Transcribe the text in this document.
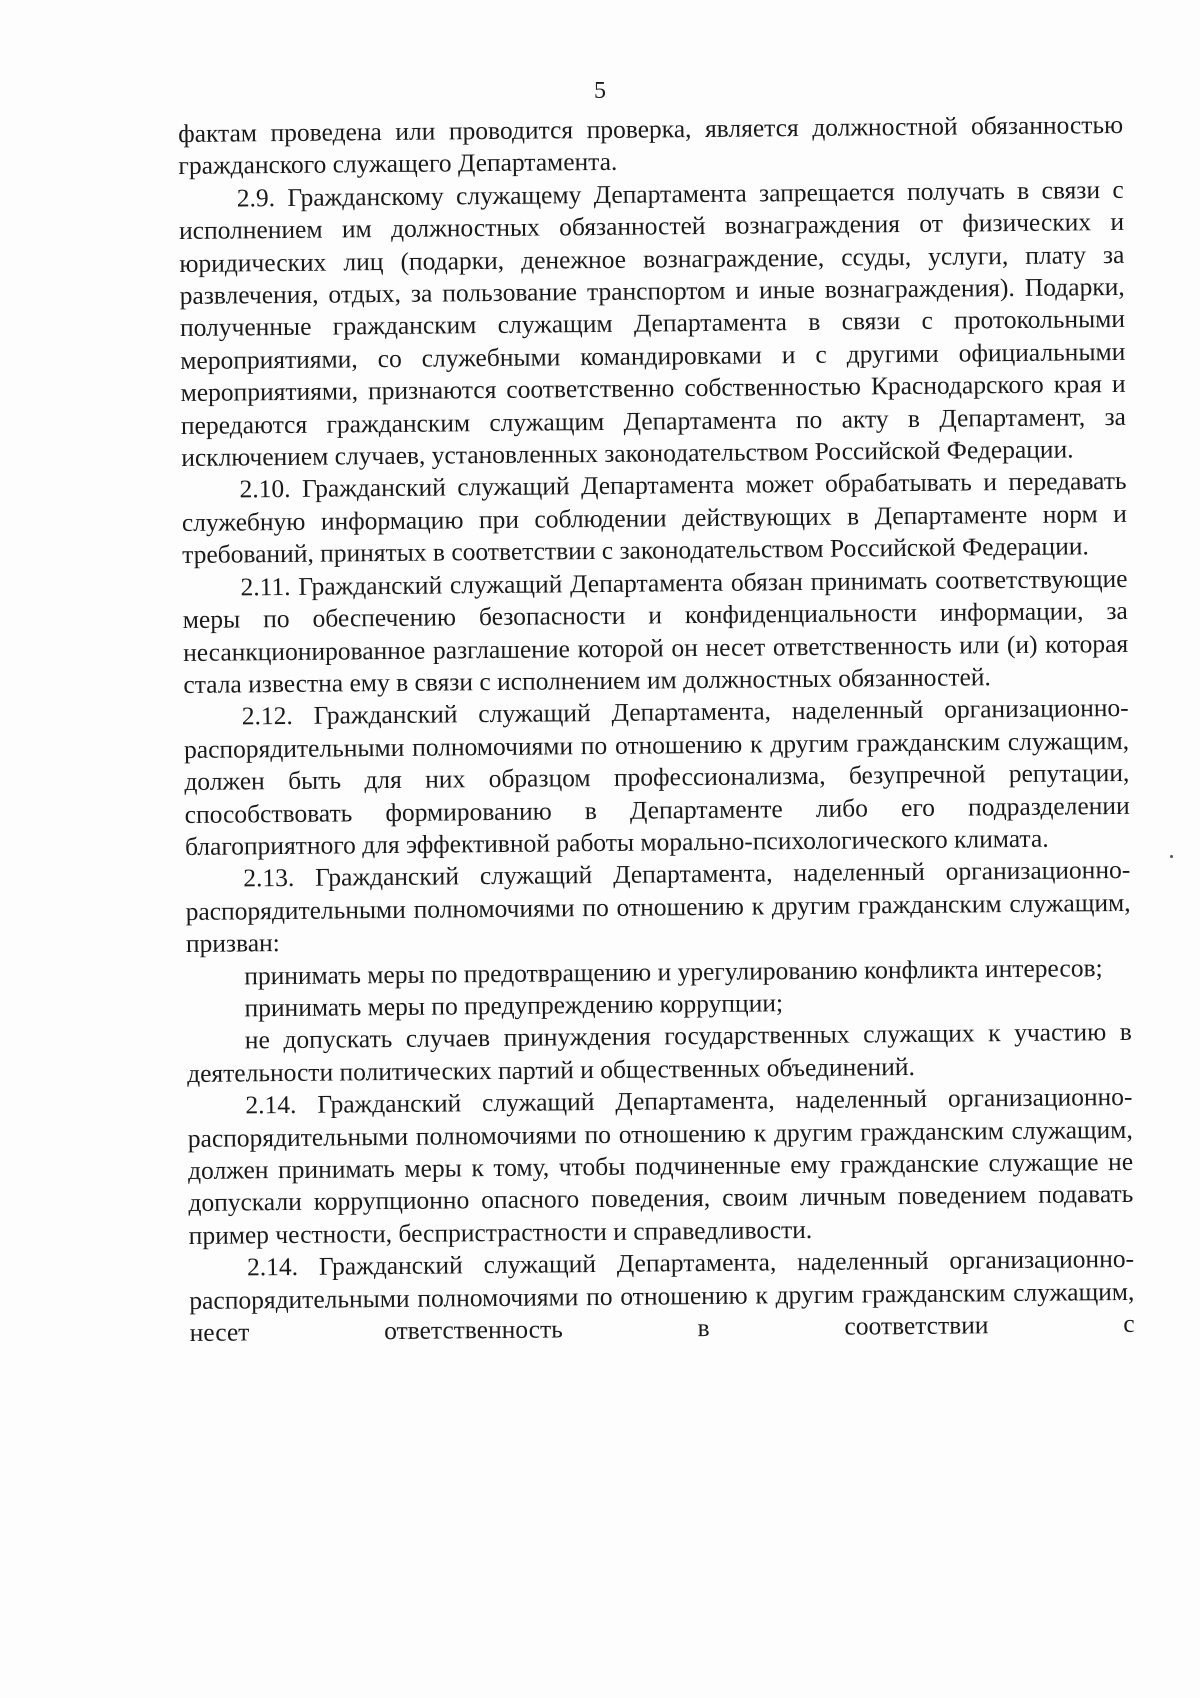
5

фактам проведена или проводится проверка, является должностной обязанностью гражданского служащего Департамента.

2.9. Гражданскому служащему Департамента запрещается получать в связи с исполнением им должностных обязанностей вознаграждения от физических и юридических лиц (подарки, денежное вознаграждение, ссуды, услуги, плату за развлечения, отдых, за пользование транспортом и иные вознаграждения). Подарки, полученные гражданским служащим Департамента в связи с протокольными мероприятиями, со служебными командировками и с другими официальными мероприятиями, признаются соответственно собственностью Краснодарского края и передаются гражданским служащим Департамента по акту в Департамент, за исключением случаев, установленных законодательством Российской Федерации.

2.10. Гражданский служащий Департамента может обрабатывать и передавать служебную информацию при соблюдении действующих в Департаменте норм и требований, принятых в соответствии с законодательством Российской Федерации.

2.11. Гражданский служащий Департамента обязан принимать соответствующие меры по обеспечению безопасности и конфиденциальности информации, за несанкционированное разглашение которой он несет ответственность или (и) которая стала известна ему в связи с исполнением им должностных обязанностей.

2.12. Гражданский служащий Департамента, наделенный организационно-распорядительными полномочиями по отношению к другим гражданским служащим, должен быть для них образцом профессионализма, безупречной репутации, способствовать формированию в Департаменте либо его подразделении благоприятного для эффективной работы морально-психологического климата.

2.13. Гражданский служащий Департамента, наделенный организационно-распорядительными полномочиями по отношению к другим гражданским служащим, призван:

принимать меры по предотвращению и урегулированию конфликта интересов;

принимать меры по предупреждению коррупции;

не допускать случаев принуждения государственных служащих к участию в деятельности политических партий и общественных объединений.

2.14. Гражданский служащий Департамента, наделенный организационно-распорядительными полномочиями по отношению к другим гражданским служащим, должен принимать меры к тому, чтобы подчиненные ему гражданские служащие не допускали коррупционно опасного поведения, своим личным поведением подавать пример честности, беспристрастности и справедливости.

2.14. Гражданский служащий Департамента, наделенный организационно-распорядительными полномочиями по отношению к другим гражданским служащим, несет ответственность в соответствии с
